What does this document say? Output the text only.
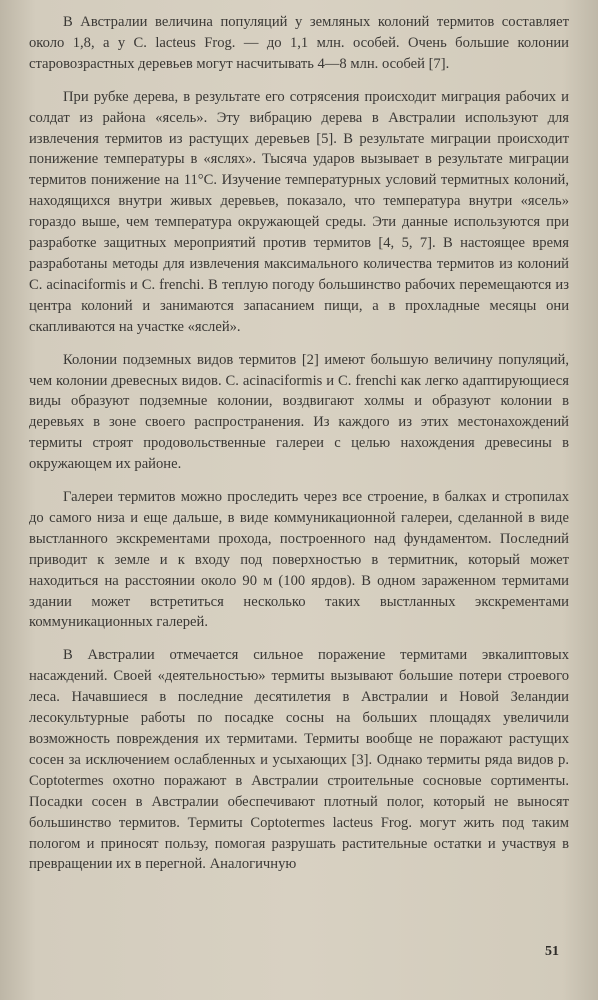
В Австралии величина популяций у земляных колоний термитов составляет около 1,8, а у C. lacteus Frog. — до 1,1 млн. особей. Очень большие колонии старовозрастных деревьев могут насчитывать 4—8 млн. особей [7].

При рубке дерева, в результате его сотрясения происходит миграция рабочих и солдат из района «ясель». Эту вибрацию дерева в Австралии используют для извлечения термитов из растущих деревьев [5]. В результате миграции происходит понижение температуры в «яслях». Тысяча ударов вызывает в результате миграции термитов понижение на 11°C. Изучение температурных условий термитных колоний, находящихся внутри живых деревьев, показало, что температура внутри «ясель» гораздо выше, чем температура окружающей среды. Эти данные используются при разработке защитных мероприятий против термитов [4, 5, 7]. В настоящее время разработаны методы для извлечения максимального количества термитов из колоний C. acinaciformis и C. frenchi. В теплую погоду большинство рабочих перемещаются из центра колоний и занимаются запасанием пищи, а в прохладные месяцы они скапливаются на участке «яслей».

Колонии подземных видов термитов [2] имеют большую величину популяций, чем колонии древесных видов. C. acinaciformis и C. frenchi как легко адаптирующиеся виды образуют подземные колонии, воздвигают холмы и образуют колонии в деревьях в зоне своего распространения. Из каждого из этих местонахождений термиты строят продовольственные галереи с целью нахождения древесины в окружающем их районе.

Галереи термитов можно проследить через все строение, в балках и стропилах до самого низа и еще дальше, в виде коммуникационной галереи, сделанной в виде выстланного экскрементами прохода, построенного над фундаментом. Последний приводит к земле и к входу под поверхностью в термитник, который может находиться на расстоянии около 90 м (100 ярдов). В одном зараженном термитами здании может встретиться несколько таких выстланных экскрементами коммуникационных галерей.

В Австралии отмечается сильное поражение термитами эвкалиптовых насаждений. Своей «деятельностью» термиты вызывают большие потери строевого леса. Начавшиеся в последние десятилетия в Австралии и Новой Зеландии лесокультурные работы по посадке сосны на больших площадях увеличили возможность повреждения их термитами. Термиты вообще не поражают растущих сосен за исключением ослабленных и усыхающих [3]. Однако термиты ряда видов р. Coptotermes охотно поражают в Австралии строительные сосновые сортименты. Посадки сосен в Австралии обеспечивают плотный полог, который не выносят большинство термитов. Термиты Coptotermes lacteus Frog. могут жить под таким пологом и приносят пользу, помогая разрушать растительные остатки и участвуя в превращении их в перегной. Аналогичную

51
